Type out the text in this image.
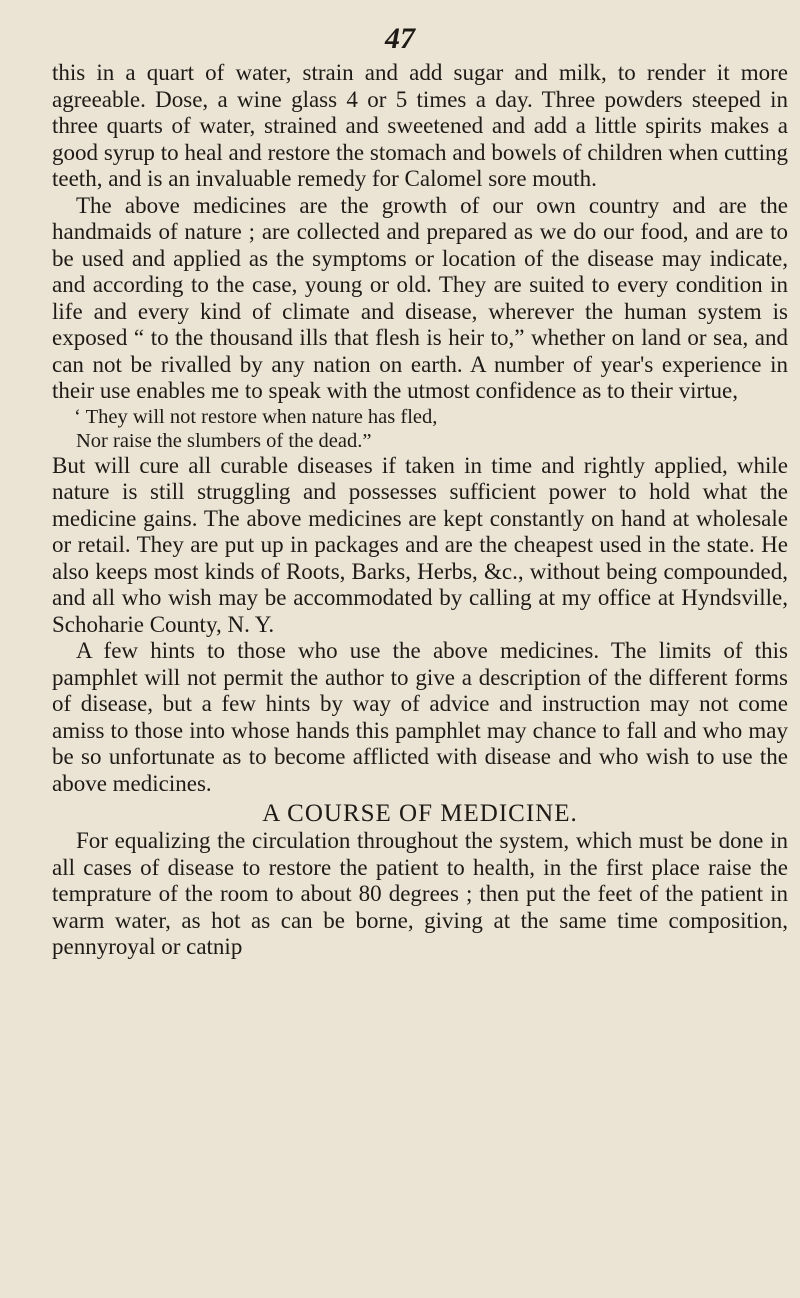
47

this in a quart of water, strain and add sugar and milk, to render it more agreeable. Dose, a wine glass 4 or 5 times a day. Three powders steeped in three quarts of water, strained and sweetened and add a little spirits makes a good syrup to heal and restore the stomach and bowels of children when cutting teeth, and is an invaluable remedy for Calomel sore mouth.

The above medicines are the growth of our own country and are the handmaids of nature ; are collected and prepared as we do our food, and are to be used and applied as the symptoms or location of the disease may indicate, and according to the case, young or old. They are suited to every condition in life and every kind of climate and disease, wherever the human system is exposed “ to the thousand ills that flesh is heir to,” whether on land or sea, and can not be rivalled by any nation on earth. A number of year's experience in their use enables me to speak with the utmost confidence as to their virtue,

‘ They will not restore when nature has fled,
Nor raise the slumbers of the dead.”

But will cure all curable diseases if taken in time and rightly applied, while nature is still struggling and possesses sufficient power to hold what the medicine gains. The above medicines are kept constantly on hand at wholesale or retail. They are put up in packages and are the cheapest used in the state. He also keeps most kinds of Roots, Barks, Herbs, &c., without being compounded, and all who wish may be accommodated by calling at my office at Hyndsville, Schoharie County, N. Y.

A few hints to those who use the above medicines. The limits of this pamphlet will not permit the author to give a description of the different forms of disease, but a few hints by way of advice and instruction may not come amiss to those into whose hands this pamphlet may chance to fall and who may be so unfortunate as to become afflicted with disease and who wish to use the above medicines.

A COURSE OF MEDICINE.

For equalizing the circulation throughout the system, which must be done in all cases of disease to restore the patient to health, in the first place raise the temprature of the room to about 80 degrees ; then put the feet of the patient in warm water, as hot as can be borne, giving at the same time composition, pennyroyal or catnip
